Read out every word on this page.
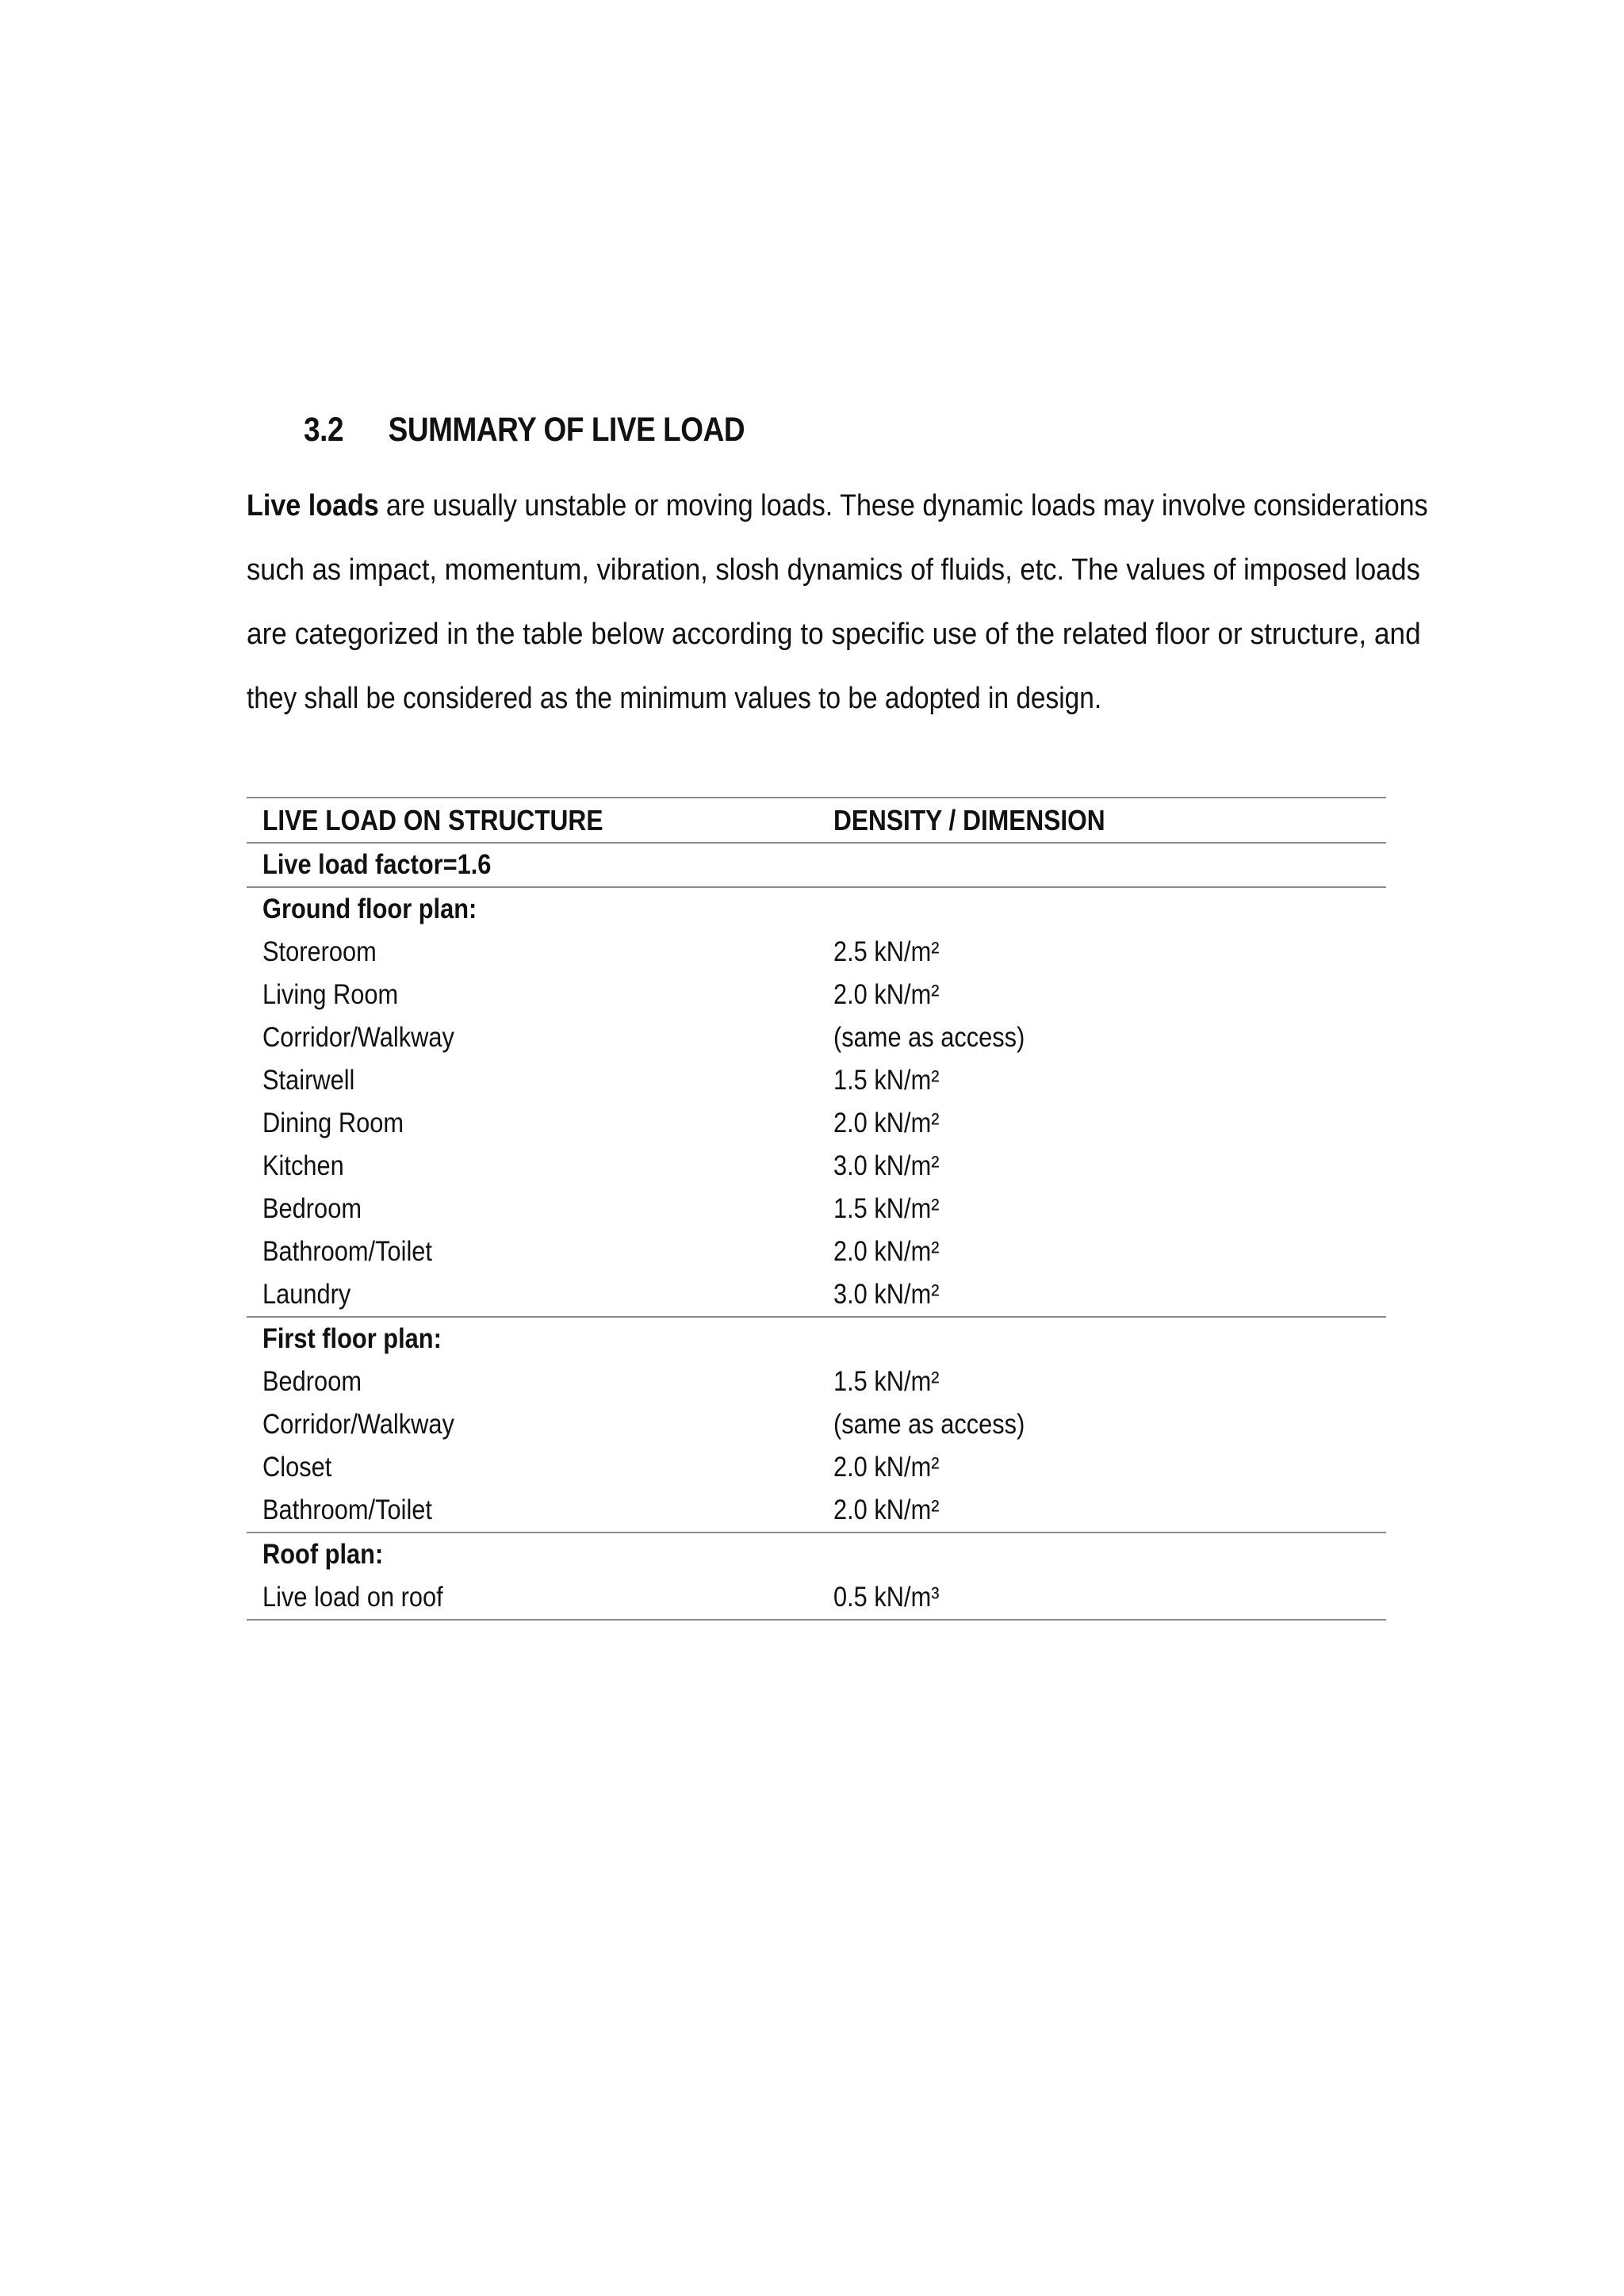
3.2 SUMMARY OF LIVE LOAD
Live loads are usually unstable or moving loads. These dynamic loads may involve considerations
such as impact, momentum, vibration, slosh dynamics of fluids, etc. The values of imposed loads
are categorized in the table below according to specific use of the related floor or structure, and
they shall be considered as the minimum values to be adopted in design.
LIVE LOAD ON STRUCTURE	DENSITY / DIMENSION
Live load factor=1.6	
Ground floor plan:	
Storeroom	2.5 kN/m²
Living Room	2.0 kN/m²
Corridor/Walkway	(same as access)
Stairwell	1.5 kN/m²
Dining Room	2.0 kN/m²
Kitchen	3.0 kN/m²
Bedroom	1.5 kN/m²
Bathroom/Toilet	2.0 kN/m²
Laundry	3.0 kN/m²
First floor plan:	
Bedroom	1.5 kN/m²
Corridor/Walkway	(same as access)
Closet	2.0 kN/m²
Bathroom/Toilet	2.0 kN/m²
Roof plan:	
Live load on roof	0.5 kN/m³
